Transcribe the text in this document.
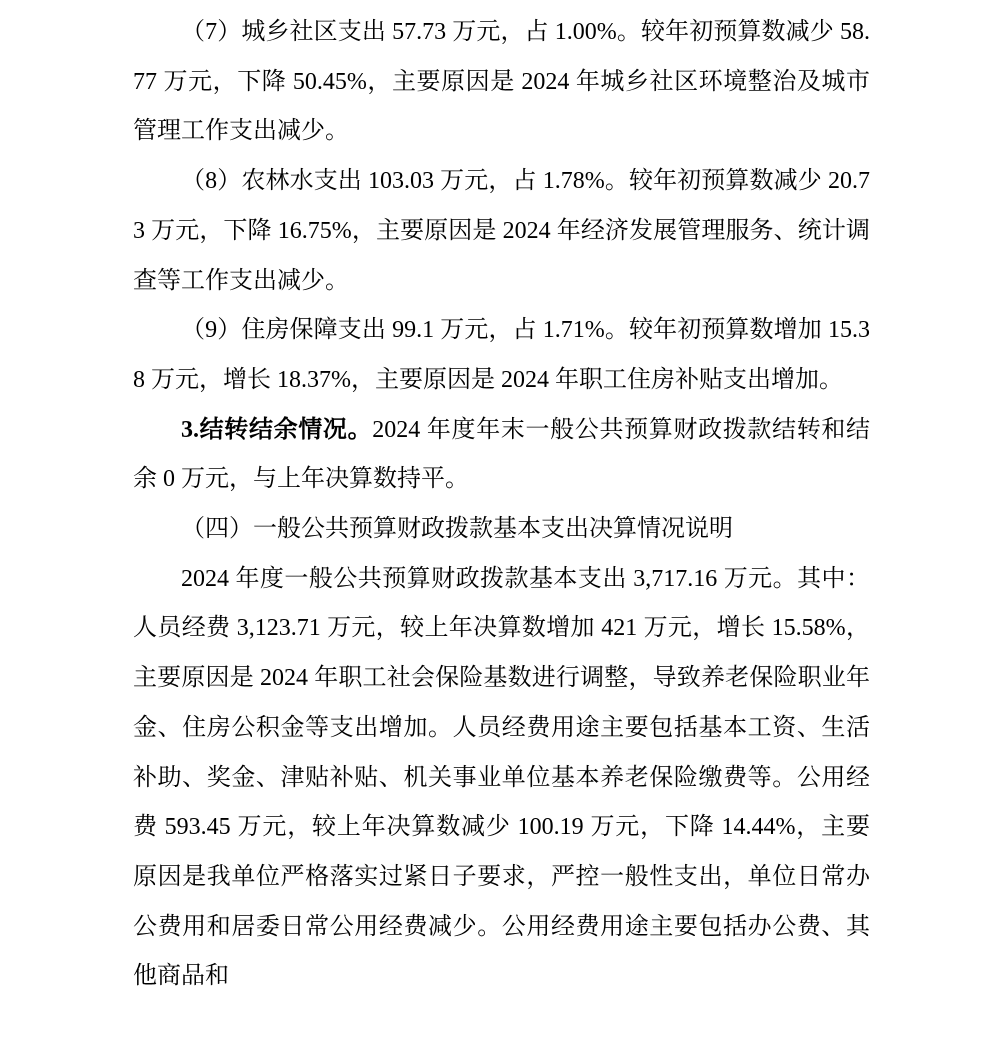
（7）城乡社区支出 57.73 万元，占 1.00%。较年初预算数减少 58.77 万元，下降 50.45%，主要原因是 2024 年城乡社区环境整治及城市管理工作支出减少。

（8）农林水支出 103.03 万元，占 1.78%。较年初预算数减少 20.73 万元，下降 16.75%，主要原因是 2024 年经济发展管理服务、统计调查等工作支出减少。

（9）住房保障支出 99.1 万元，占 1.71%。较年初预算数增加 15.38 万元，增长 18.37%，主要原因是 2024 年职工住房补贴支出增加。

3.结转结余情况。2024 年度年末一般公共预算财政拨款结转和结余 0 万元，与上年决算数持平。

（四）一般公共预算财政拨款基本支出决算情况说明

2024 年度一般公共预算财政拨款基本支出 3,717.16 万元。其中：人员经费 3,123.71 万元，较上年决算数增加 421 万元，增长 15.58%，主要原因是 2024 年职工社会保险基数进行调整，导致养老保险职业年金、住房公积金等支出增加。人员经费用途主要包括基本工资、生活补助、奖金、津贴补贴、机关事业单位基本养老保险缴费等。公用经费 593.45 万元，较上年决算数减少 100.19 万元，下降 14.44%，主要原因是我单位严格落实过紧日子要求，严控一般性支出，单位日常办公费用和居委日常公用经费减少。公用经费用途主要包括办公费、其他商品和
